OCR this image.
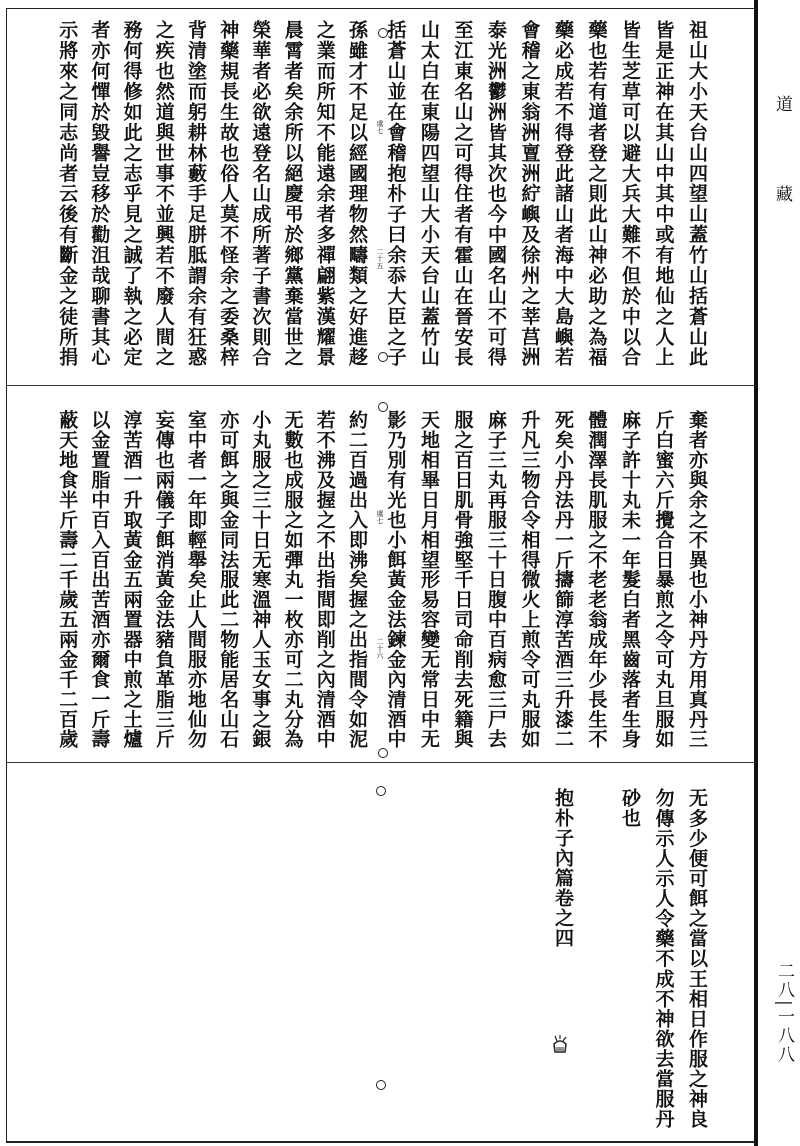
道
藏
二八|一八八
祖山大小天台山四望山蓋竹山括蒼山此
皆是正神在其山中其中或有地仙之人上
皆生芝草可以避大兵大難不但於中以合
藥也若有道者登之則此山神必助之為福
藥必成若不得登此諸山者海中大島嶼若
會稽之東翁洲亶洲紵嶼及徐州之莘莒洲
泰光洲鬱洲皆其次也今中國名山不可得
至江東名山之可得住者有霍山在晉安長
山太白在東陽四望山大小天台山蓋竹山
括蒼山並在會稽抱朴子曰余忝大臣之子
孫雖才不足以經國理物然疇類之好進趍
之業而所知不能遠余者多禪翩紫漢耀景
晨霄者矣余所以絕慶弔於鄉黨棄當世之
榮華者必欲遠登名山成所著子書次則合
神藥規長生故也俗人莫不怪余之委桑梓
背清塗而躬耕林藪手足胼胝謂余有狂惑
之疾也然道與世事不並興若不廢人間之
務何得修如此之志乎見之誠了執之必定
者亦何憚於毀譽豈移於勸沮哉聊書其心
示將來之同志尚者云後有斷金之徒所捐	虞七
二十五
棄者亦與余之不異也小神丹方用真丹三
斤白蜜六斤攪合日暴煎之令可丸旦服如
麻子許十丸未一年髮白者黑齒落者生身
體潤澤長肌服之不老老翁成年少長生不
死矣小丹法丹一斤擣篩淳苦酒三升漆二
升凡三物合令相得微火上煎令可丸服如
麻子三丸再服三十日腹中百病愈三尸去
服之百日肌骨強堅千日司命削去死籍與
天地相畢日月相望形易容變无常日中无
影乃別有光也小餌黃金法鍊金內清酒中
約二百過出入即沸矣握之出指間令如泥
若不沸及握之不出指間即削之內清酒中
无數也成服之如彈丸一枚亦可二丸分為
小丸服之三十日无寒溫神人玉女事之銀
亦可餌之與金同法服此二物能居名山石
室中者一年即輕舉矣止人間服亦地仙勿
妄傳也兩儀子餌消黃金法豬負革脂三斤
淳苦酒一升取黃金五兩置器中煎之土爐
以金置脂中百入百出苦酒亦爾食一斤壽
蔽天地食半斤壽二千歲五兩金千二百歲	虞七
二十六
无多少便可餌之當以王相日作服之神良
勿傳示人示人令藥不成不神欲去當服丹
砂也
抱朴子內篇卷之四
